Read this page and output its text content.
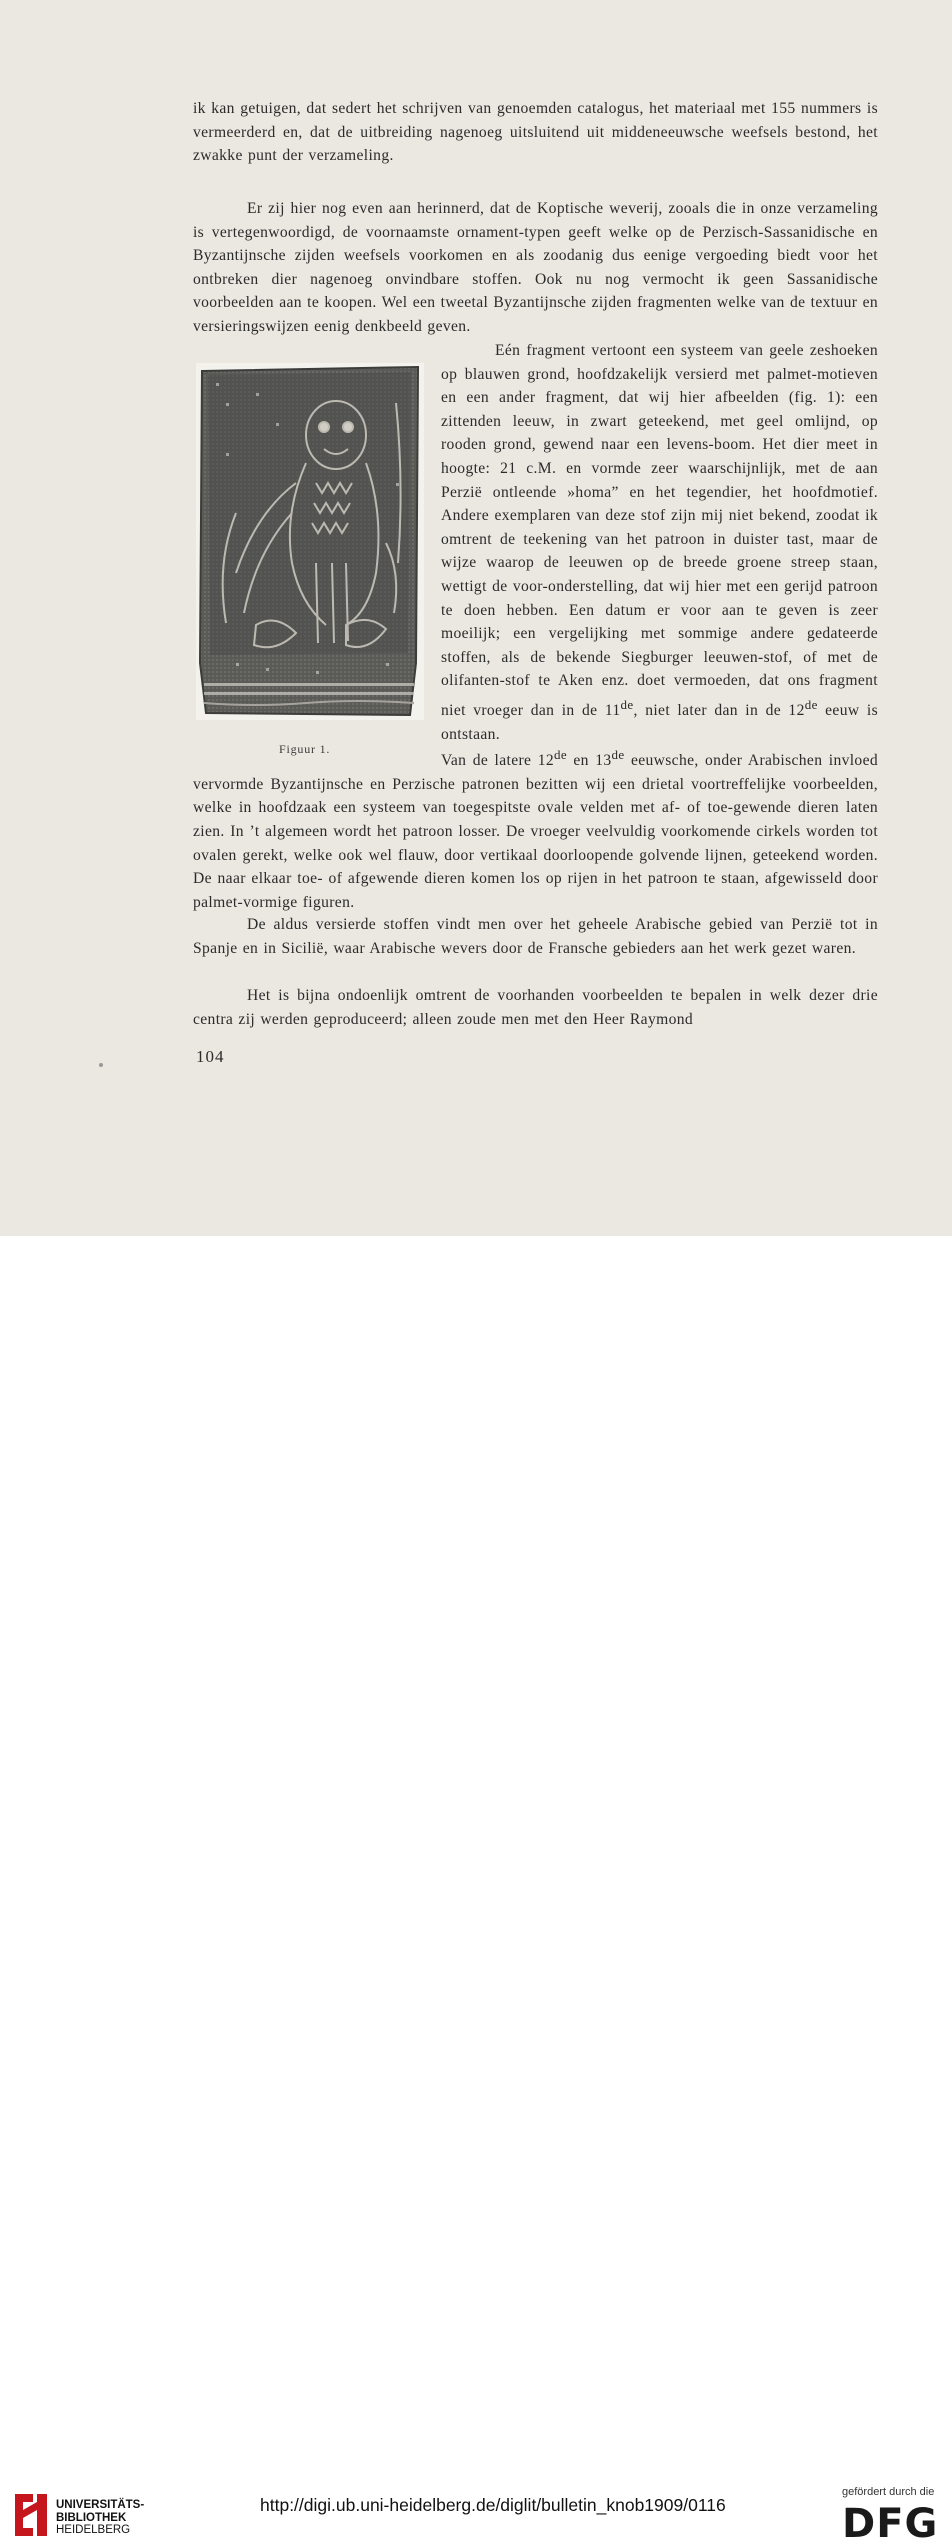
ik kan getuigen, dat sedert het schrijven van genoemden catalogus, het materiaal met 155 nummers is vermeerderd en, dat de uitbreiding nagenoeg uitsluitend uit middeneeuwsche weefsels bestond, het zwakke punt der verzameling.

Er zij hier nog even aan herinnerd, dat de Koptische weverij, zooals die in onze verzameling is vertegenwoordigd, de voornaamste ornament-typen geeft welke op de Perzisch-Sassanidische en Byzantijnsche zijden weefsels voorkomen en als zoodanig dus eenige vergoeding biedt voor het ontbreken dier nagenoeg onvindbare stoffen. Ook nu nog vermocht ik geen Sassanidische voorbeelden aan te koopen. Wel een tweetal Byzantijnsche zijden fragmenten welke van de textuur en versieringswijzen eenig denkbeeld geven.

Eén fragment vertoont een systeem van geele zeshoeken op blauwen grond, hoofdzakelijk versierd met palmet-motieven en een ander fragment, dat wij hier afbeelden (fig. 1): een zittenden leeuw, in zwart geteekend, met geel omlijnd, op rooden grond, gewend naar een levens-boom. Het dier meet in hoogte: 21 c.M. en vormde zeer waarschijnlijk, met de aan Perzië ontleende »homa” en het tegendier, het hoofdmotief. Andere exemplaren van deze stof zijn mij niet bekend, zoodat ik omtrent de teekening van het patroon in duister tast, maar de wijze waarop de leeuwen op de breede groene streep staan, wettigt de voor-onderstelling, dat wij hier met een gerijd patroon te doen hebben. Een datum er voor aan te geven is zeer moeilijk; een vergelijking met sommige andere gedateerde stoffen, als de bekende Siegburger leeuwen-stof, of met de olifanten-stof te Aken enz. doet vermoeden, dat ons fragment niet vroeger dan in de 11de, niet later dan in de 12de eeuw is ontstaan.

Figuur 1.

Van de latere 12de en 13de eeuwsche, onder Arabischen invloed vervormde Byzantijnsche en Perzische patronen bezitten wij een drietal voortreffelijke voorbeelden, welke in hoofdzaak een systeem van toegespitste ovale velden met af- of toe-gewende dieren laten zien. In ’t algemeen wordt het patroon losser. De vroeger veelvuldig voorkomende cirkels worden tot ovalen gerekt, welke ook wel flauw, door vertikaal doorloopende golvende lijnen, geteekend worden. De naar elkaar toe- of afgewende dieren komen los op rijen in het patroon te staan, afgewisseld door palmet-vormige figuren.

De aldus versierde stoffen vindt men over het geheele Arabische gebied van Perzië tot in Spanje en in Sicilië, waar Arabische wevers door de Fransche gebieders aan het werk gezet waren.

Het is bijna ondoenlijk omtrent de voorhanden voorbeelden te bepalen in welk dezer drie centra zij werden geproduceerd; alleen zoude men met den Heer Raymond

104
UNIVERSITÄTS-
BIBLIOTHEK
HEIDELBERG
http://digi.ub.uni-heidelberg.de/diglit/bulletin_knob1909/0116
gefördert durch die
DFG
